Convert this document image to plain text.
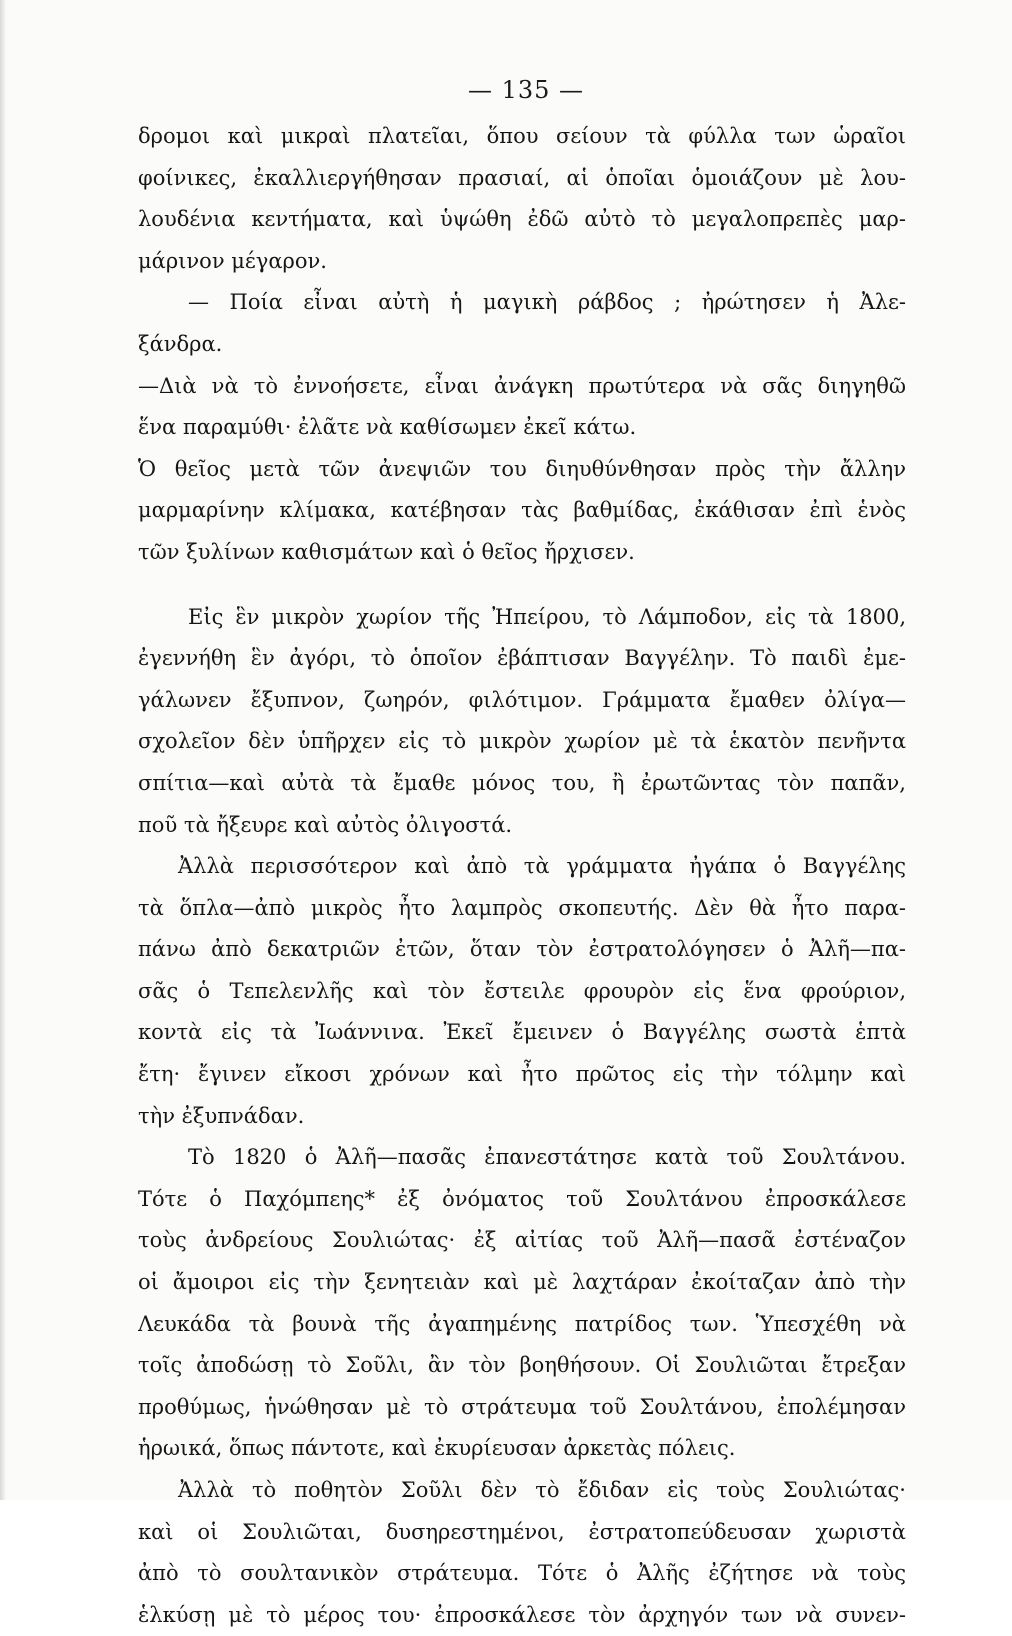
— 135 —
δρομοι καὶ μικραὶ πλατεῖαι, ὅπου σείουν τὰ φύλλα των ὡραῖοι
φοίνικες, ἐκαλλιεργήθησαν πρασιαί, αἱ ὁποῖαι ὁμοιάζουν μὲ λου-
λουδένια κεντήματα, καὶ ὑψώθη ἐδῶ αὐτὸ τὸ μεγαλοπρεπὲς μαρ-
μάρινον μέγαρον.
— Ποία εἶναι αὐτὴ ἡ μαγικὴ ράβδος ; ἠρώτησεν ἡ Ἀλε-
ξάνδρα.
—Διὰ νὰ τὸ ἐννοήσετε, εἶναι ἀνάγκη πρωτύτερα νὰ σᾶς διηγηθῶ
ἕνα παραμύθι· ἐλᾶτε νὰ καθίσωμεν ἐκεῖ κάτω.
Ὁ θεῖος μετὰ τῶν ἀνεψιῶν του διηυθύνθησαν πρὸς τὴν ἄλλην
μαρμαρίνην κλίμακα, κατέβησαν τὰς βαθμίδας, ἐκάθισαν ἐπὶ ἑνὸς
τῶν ξυλίνων καθισμάτων καὶ ὁ θεῖος ἤρχισεν.
Εἰς ἓν μικρὸν χωρίον τῆς Ἠπείρου, τὸ Λάμποδον, εἰς τὰ 1800,
ἐγεννήθη ἓν ἀγόρι, τὸ ὁποῖον ἐβάπτισαν Βαγγέλην. Τὸ παιδὶ ἐμε-
γάλωνεν ἔξυπνον, ζωηρόν, φιλότιμον. Γράμματα ἔμαθεν ὀλίγα—
σχολεῖον δὲν ὑπῆρχεν εἰς τὸ μικρὸν χωρίον μὲ τὰ ἑκατὸν πενῆντα
σπίτια—καὶ αὐτὰ τὰ ἔμαθε μόνος του, ἢ ἐρωτῶντας τὸν παπᾶν,
ποῦ τὰ ἤξευρε καὶ αὐτὸς ὀλιγοστά.
Ἀλλὰ περισσότερον καὶ ἀπὸ τὰ γράμματα ἠγάπα ὁ Βαγγέλης
τὰ ὅπλα—ἀπὸ μικρὸς ἦτο λαμπρὸς σκοπευτής. Δὲν θὰ ἦτο παρα-
πάνω ἀπὸ δεκατριῶν ἐτῶν, ὅταν τὸν ἐστρατολόγησεν ὁ Ἀλῆ—πα-
σᾶς ὁ Τεπελενλῆς καὶ τὸν ἔστειλε φρουρὸν εἰς ἕνα φρούριον,
κοντὰ εἰς τὰ Ἰωάννινα. Ἐκεῖ ἔμεινεν ὁ Βαγγέλης σωστὰ ἑπτὰ
ἔτη· ἔγινεν εἴκοσι χρόνων καὶ ἦτο πρῶτος εἰς τὴν τόλμην καὶ
τὴν ἐξυπνάδαν.
Τὸ 1820 ὁ Ἀλῆ—πασᾶς ἐπανεστάτησε κατὰ τοῦ Σουλτάνου.
Τότε ὁ Παχόμπεης* ἐξ ὀνόματος τοῦ Σουλτάνου ἐπροσκάλεσε
τοὺς ἀνδρείους Σουλιώτας· ἐξ αἰτίας τοῦ Ἀλῆ—πασᾶ ἐστέναζον
οἱ ἄμοιροι εἰς τὴν ξενητειὰν καὶ μὲ λαχτάραν ἐκοίταζαν ἀπὸ τὴν
Λευκάδα τὰ βουνὰ τῆς ἀγαπημένης πατρίδος των. Ὑπεσχέθη νὰ
τοῖς ἀποδώσῃ τὸ Σοῦλι, ἂν τὸν βοηθήσουν. Οἱ Σουλιῶται ἔτρεξαν
προθύμως, ἡνώθησαν μὲ τὸ στράτευμα τοῦ Σουλτάνου, ἐπολέμησαν
ἡρωικά, ὅπως πάντοτε, καὶ ἐκυρίευσαν ἀρκετὰς πόλεις.
Ἀλλὰ τὸ ποθητὸν Σοῦλι δὲν τὸ ἔδιδαν εἰς τοὺς Σουλιώτας·
καὶ οἱ Σουλιῶται, δυσηρεστημένοι, ἐστρατοπεύδευσαν χωριστὰ
ἀπὸ τὸ σουλτανικὸν στράτευμα. Τότε ὁ Ἀλῆς ἐζήτησε νὰ τοὺς
ἑλκύσῃ μὲ τὸ μέρος του· ἐπροσκάλεσε τὸν ἀρχηγόν των νὰ συνεν-
